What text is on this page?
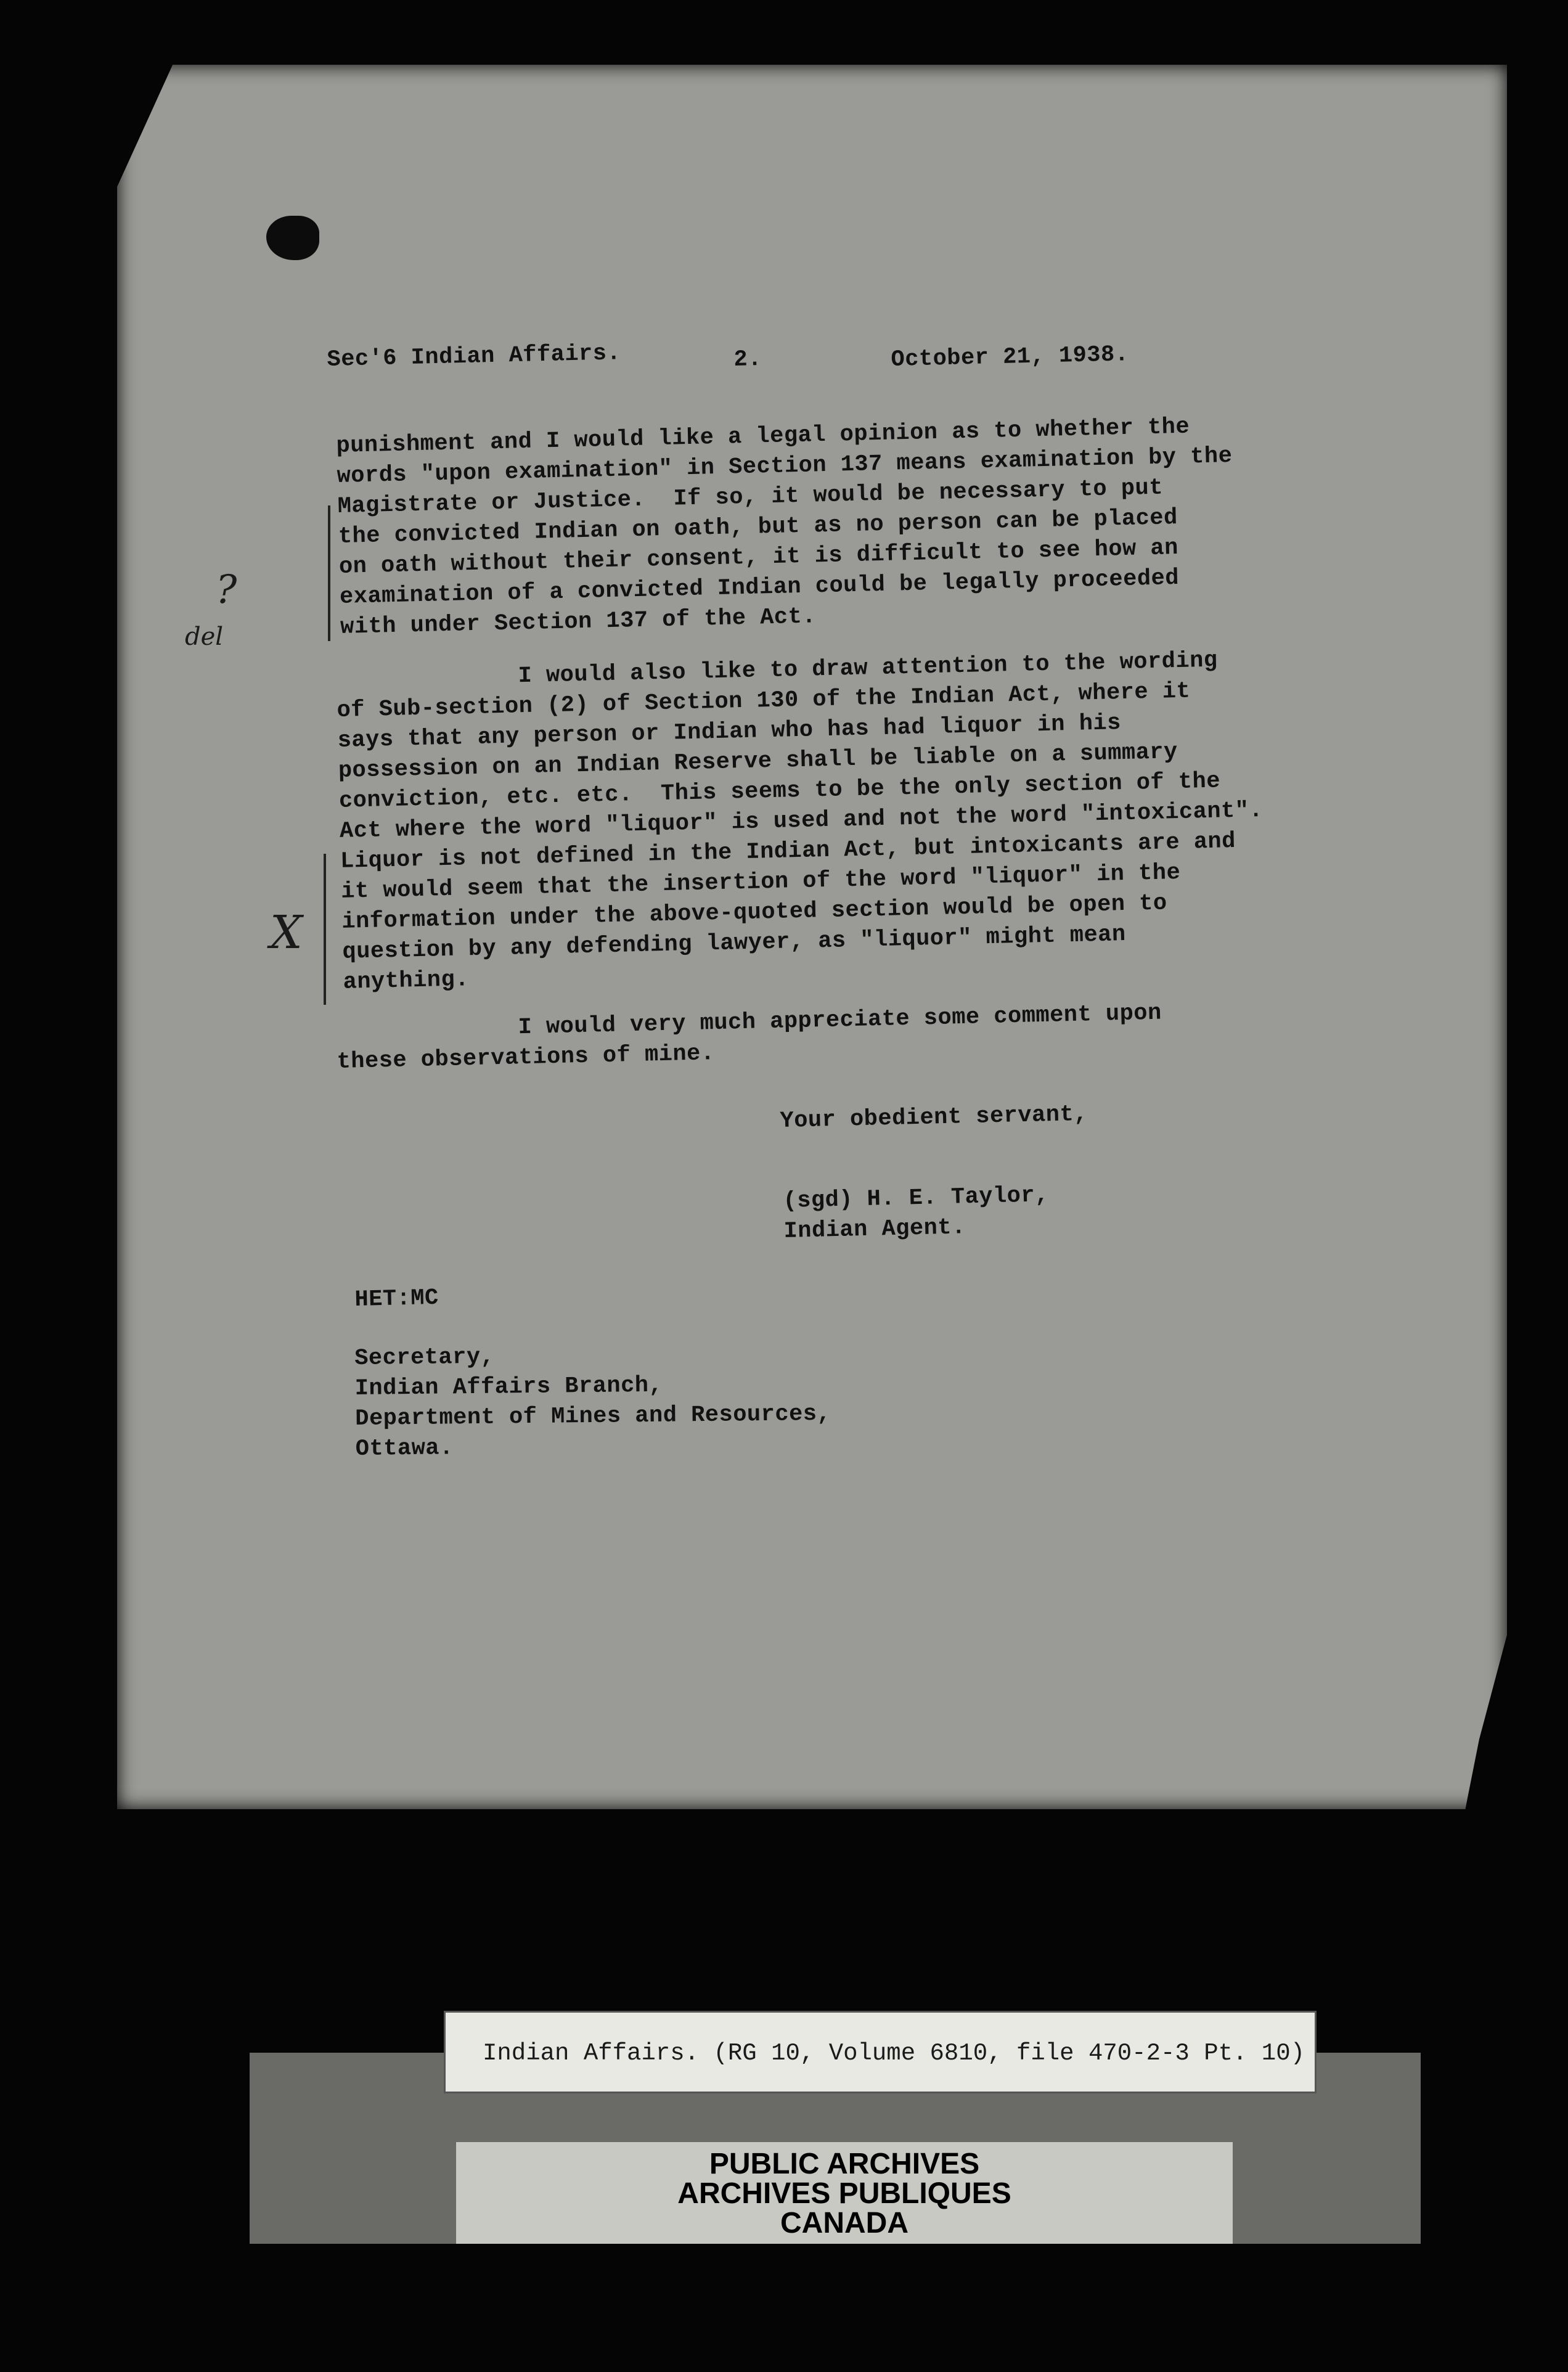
Sec'6 Indian Affairs.	2.	October 21, 1938.
punishment and I would like a legal opinion as to whether the
words "upon examination" in Section 137 means examination by the
Magistrate or Justice.  If so, it would be necessary to put
the convicted Indian on oath, but as no person can be placed
on oath without their consent, it is difficult to see how an
examination of a convicted Indian could be legally proceeded
with under Section 137 of the Act.
I would also like to draw attention to the wording
of Sub-section (2) of Section 130 of the Indian Act, where it
says that any person or Indian who has had liquor in his
possession on an Indian Reserve shall be liable on a summary
conviction, etc. etc.  This seems to be the only section of the
Act where the word "liquor" is used and not the word "intoxicant".
Liquor is not defined in the Indian Act, but intoxicants are and
it would seem that the insertion of the word "liquor" in the
information under the above-quoted section would be open to
question by any defending lawyer, as "liquor" might mean
anything.
I would very much appreciate some comment upon
these observations of mine.
Your obedient servant,
(sgd) H. E. Taylor,
Indian Agent.
HET:MC
Secretary,
Indian Affairs Branch,
Department of Mines and Resources,
Ottawa.
?
del
X
PUBLIC ARCHIVES
ARCHIVES PUBLIQUES
CANADA
Indian Affairs. (RG 10, Volume 6810, file 470-2-3 Pt. 10)
